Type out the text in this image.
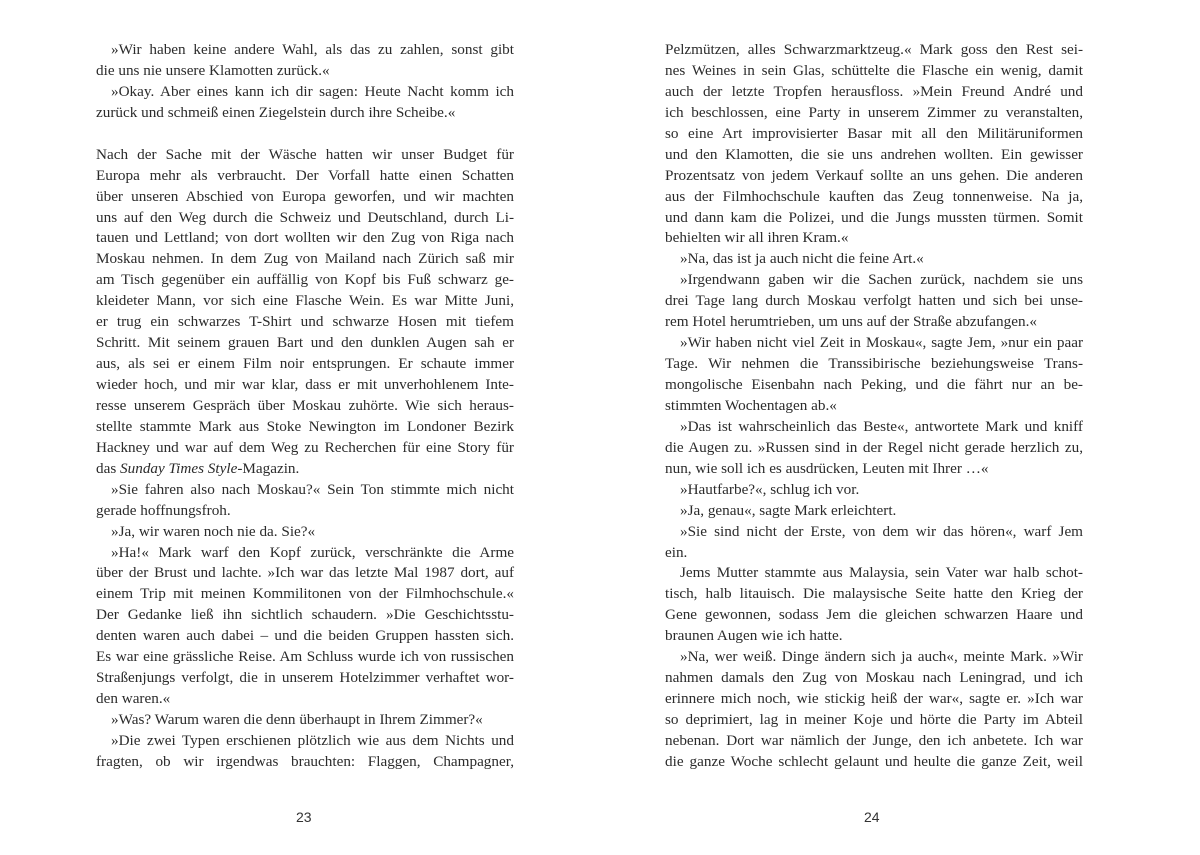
»Wir haben keine andere Wahl, als das zu zahlen, sonst gibt
die uns nie unsere Klamotten zurück.«
»Okay. Aber eines kann ich dir sagen: Heute Nacht komm ich
zurück und schmeiß einen Ziegelstein durch ihre Scheibe.«
Nach der Sache mit der Wäsche hatten wir unser Budget für
Europa mehr als verbraucht. Der Vorfall hatte einen Schatten
über unseren Abschied von Europa geworfen, und wir machten
uns auf den Weg durch die Schweiz und Deutschland, durch Li-
tauen und Lettland; von dort wollten wir den Zug von Riga nach
Moskau nehmen. In dem Zug von Mailand nach Zürich saß mir
am Tisch gegenüber ein auffällig von Kopf bis Fuß schwarz ge-
kleideter Mann, vor sich eine Flasche Wein. Es war Mitte Juni,
er trug ein schwarzes T-Shirt und schwarze Hosen mit tiefem
Schritt. Mit seinem grauen Bart und den dunklen Augen sah er
aus, als sei er einem Film noir entsprungen. Er schaute immer
wieder hoch, und mir war klar, dass er mit unverhohlenem Inte-
resse unserem Gespräch über Moskau zuhörte. Wie sich heraus-
stellte stammte Mark aus Stoke Newington im Londoner Bezirk
Hackney und war auf dem Weg zu Recherchen für eine Story für
das Sunday Times Style-Magazin.
»Sie fahren also nach Moskau?« Sein Ton stimmte mich nicht
gerade hoffnungsfroh.
»Ja, wir waren noch nie da. Sie?«
»Ha!« Mark warf den Kopf zurück, verschränkte die Arme
über der Brust und lachte. »Ich war das letzte Mal 1987 dort, auf
einem Trip mit meinen Kommilitonen von der Filmhochschule.«
Der Gedanke ließ ihn sichtlich schaudern. »Die Geschichtsstu-
denten waren auch dabei – und die beiden Gruppen hassten sich.
Es war eine grässliche Reise. Am Schluss wurde ich von russischen
Straßenjungs verfolgt, die in unserem Hotelzimmer verhaftet wor-
den waren.«
»Was? Warum waren die denn überhaupt in Ihrem Zimmer?«
»Die zwei Typen erschienen plötzlich wie aus dem Nichts und
fragten, ob wir irgendwas brauchten: Flaggen, Champagner,
Pelzmützen, alles Schwarzmarktzeug.« Mark goss den Rest sei-
nes Weines in sein Glas, schüttelte die Flasche ein wenig, damit
auch der letzte Tropfen herausfloss. »Mein Freund André und
ich beschlossen, eine Party in unserem Zimmer zu veranstalten,
so eine Art improvisierter Basar mit all den Militäruniformen
und den Klamotten, die sie uns andrehen wollten. Ein gewisser
Prozentsatz von jedem Verkauf sollte an uns gehen. Die anderen
aus der Filmhochschule kauften das Zeug tonnenweise. Na ja,
und dann kam die Polizei, und die Jungs mussten türmen. Somit
behielten wir all ihren Kram.«
»Na, das ist ja auch nicht die feine Art.«
»Irgendwann gaben wir die Sachen zurück, nachdem sie uns
drei Tage lang durch Moskau verfolgt hatten und sich bei unse-
rem Hotel herumtrieben, um uns auf der Straße abzufangen.«
»Wir haben nicht viel Zeit in Moskau«, sagte Jem, »nur ein paar
Tage. Wir nehmen die Transsibirische beziehungsweise Trans-
mongolische Eisenbahn nach Peking, und die fährt nur an be-
stimmten Wochentagen ab.«
»Das ist wahrscheinlich das Beste«, antwortete Mark und kniff
die Augen zu. »Russen sind in der Regel nicht gerade herzlich zu,
nun, wie soll ich es ausdrücken, Leuten mit Ihrer …«
»Hautfarbe?«, schlug ich vor.
»Ja, genau«, sagte Mark erleichtert.
»Sie sind nicht der Erste, von dem wir das hören«, warf Jem
ein.
Jems Mutter stammte aus Malaysia, sein Vater war halb schot-
tisch, halb litauisch. Die malaysische Seite hatte den Krieg der
Gene gewonnen, sodass Jem die gleichen schwarzen Haare und
braunen Augen wie ich hatte.
»Na, wer weiß. Dinge ändern sich ja auch«, meinte Mark. »Wir
nahmen damals den Zug von Moskau nach Leningrad, und ich
erinnere mich noch, wie stickig heiß der war«, sagte er. »Ich war
so deprimiert, lag in meiner Koje und hörte die Party im Abteil
nebenan. Dort war nämlich der Junge, den ich anbetete. Ich war
die ganze Woche schlecht gelaunt und heulte die ganze Zeit, weil
23	24
